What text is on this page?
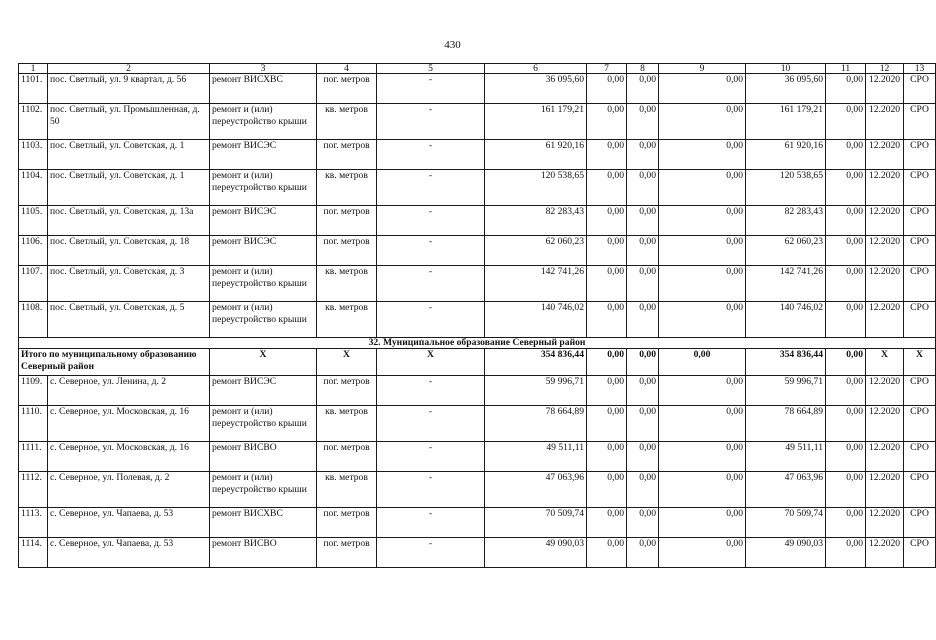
430
1	2	3	4	5	6	7	8	9	10	11	12	13
1101.	пос. Светлый, ул. 9 квартал, д. 56	ремонт ВИСХВС	пог. метров	-	36 095,60	0,00	0,00	0,00	36 095,60	0,00	12.2020	СРО
1102.	пос. Светлый, ул. Промышленная, д. 50	ремонт и (или) переустройство крыши	кв. метров	-	161 179,21	0,00	0,00	0,00	161 179,21	0,00	12.2020	СРО
1103.	пос. Светлый, ул. Советская, д. 1	ремонт ВИСЭС	пог. метров	-	61 920,16	0,00	0,00	0,00	61 920,16	0,00	12.2020	СРО
1104.	пос. Светлый, ул. Советская, д. 1	ремонт и (или) переустройство крыши	кв. метров	-	120 538,65	0,00	0,00	0,00	120 538,65	0,00	12.2020	СРО
1105.	пос. Светлый, ул. Советская, д. 13а	ремонт ВИСЭС	пог. метров	-	82 283,43	0,00	0,00	0,00	82 283,43	0,00	12.2020	СРО
1106.	пос. Светлый, ул. Советская, д. 18	ремонт ВИСЭС	пог. метров	-	62 060,23	0,00	0,00	0,00	62 060,23	0,00	12.2020	СРО
1107.	пос. Светлый, ул. Советская, д. 3	ремонт и (или) переустройство крыши	кв. метров	-	142 741,26	0,00	0,00	0,00	142 741,26	0,00	12.2020	СРО
1108.	пос. Светлый, ул. Советская, д. 5	ремонт и (или) переустройство крыши	кв. метров	-	140 746,02	0,00	0,00	0,00	140 746,02	0,00	12.2020	СРО
32. Муниципальное образование Северный район												
Итого по муниципальному образованию Северный район		X	X	X	354 836,44	0,00	0,00	0,00	354 836,44	0,00	X	X
1109.	с. Северное, ул. Ленина, д. 2	ремонт ВИСЭС	пог. метров	-	59 996,71	0,00	0,00	0,00	59 996,71	0,00	12.2020	СРО
1110.	с. Северное, ул. Московская, д. 16	ремонт и (или) переустройство крыши	кв. метров	-	78 664,89	0,00	0,00	0,00	78 664,89	0,00	12.2020	СРО
1111.	с. Северное, ул. Московская, д. 16	ремонт ВИСВО	пог. метров	-	49 511,11	0,00	0,00	0,00	49 511,11	0,00	12.2020	СРО
1112.	с. Северное, ул. Полевая, д. 2	ремонт и (или) переустройство крыши	кв. метров	-	47 063,96	0,00	0,00	0,00	47 063,96	0,00	12.2020	СРО
1113.	с. Северное, ул. Чапаева, д. 53	ремонт ВИСХВС	пог. метров	-	70 509,74	0,00	0,00	0,00	70 509,74	0,00	12.2020	СРО
1114.	с. Северное, ул. Чапаева, д. 53	ремонт ВИСВО	пог. метров	-	49 090,03	0,00	0,00	0,00	49 090,03	0,00	12.2020	СРО
